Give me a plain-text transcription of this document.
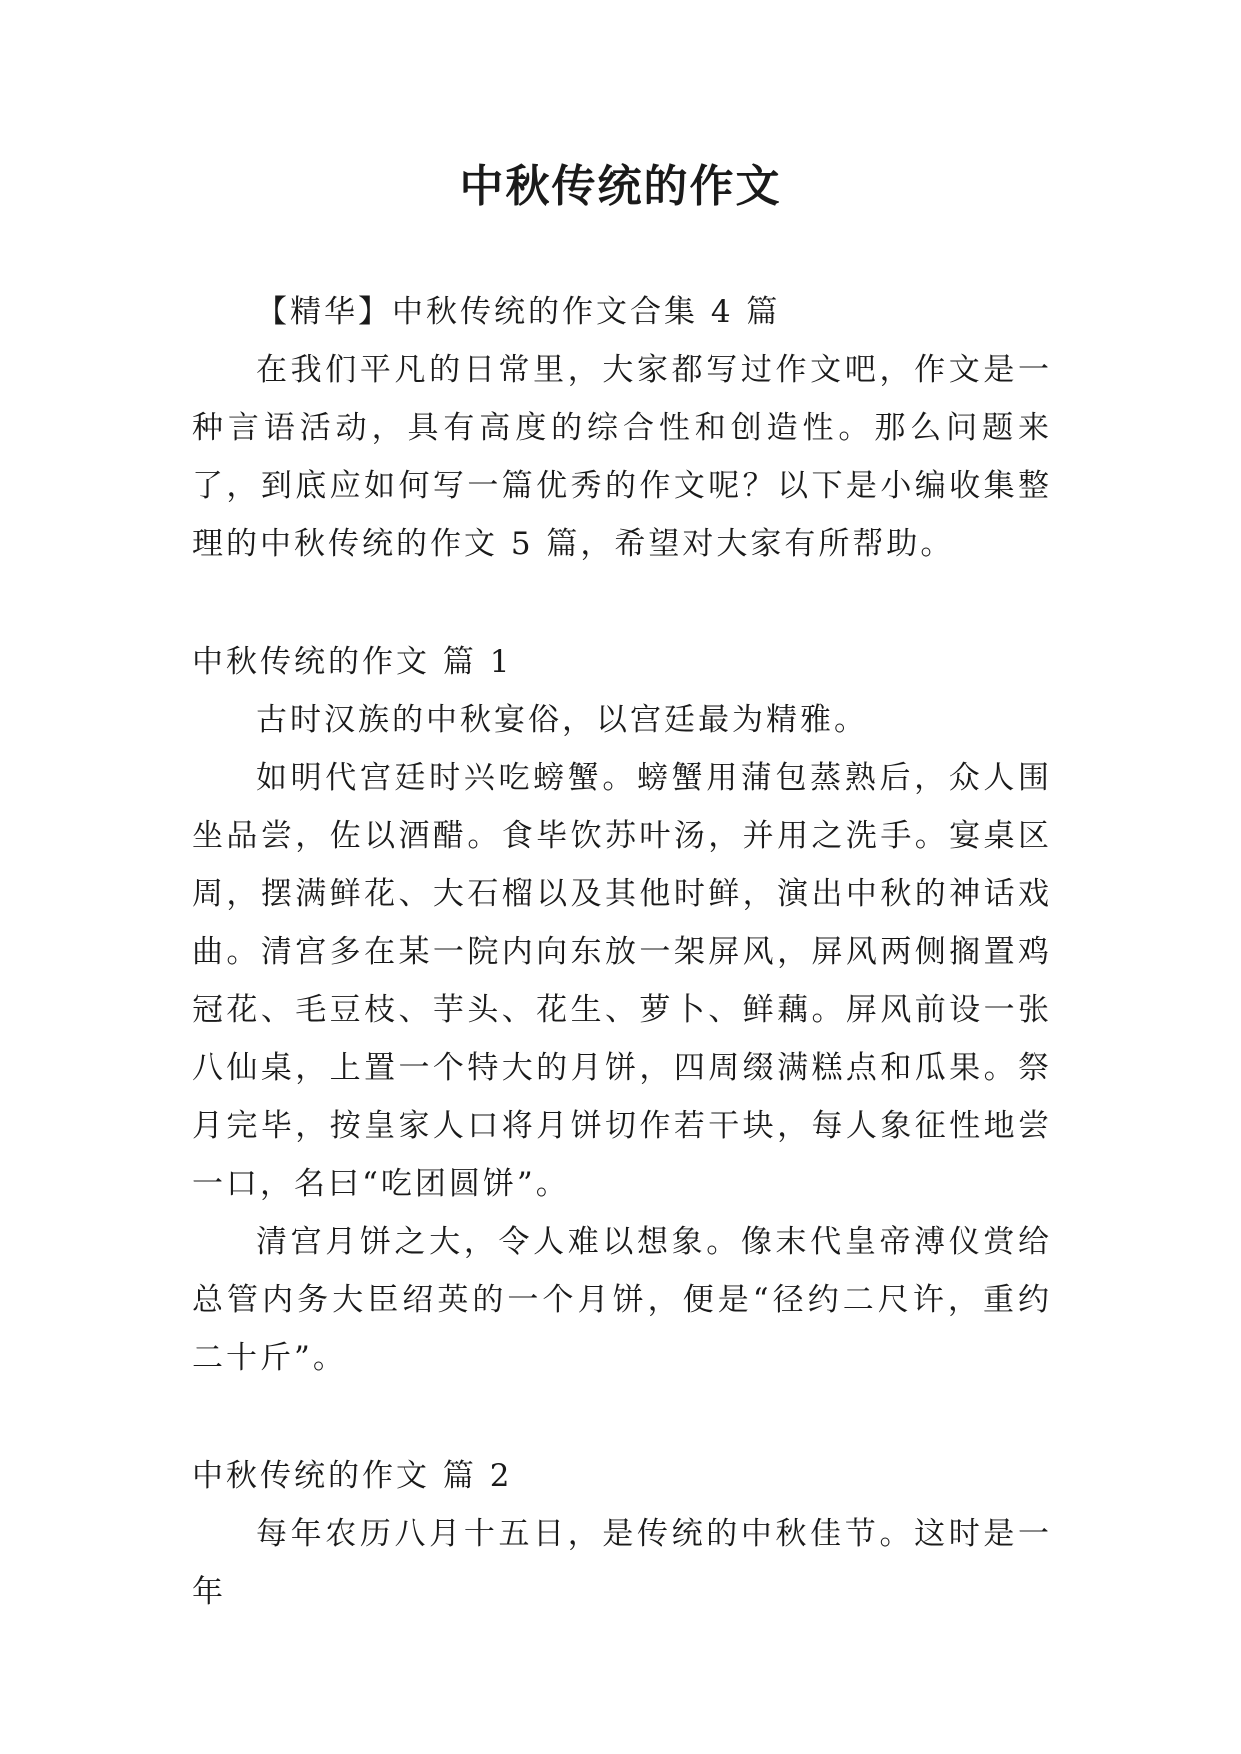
中秋传统的作文

【精华】中秋传统的作文合集 4 篇

在我们平凡的日常里，大家都写过作文吧，作文是一种言语活动，具有高度的综合性和创造性。那么问题来了，到底应如何写一篇优秀的作文呢？以下是小编收集整理的中秋传统的作文 5 篇，希望对大家有所帮助。

中秋传统的作文 篇 1

古时汉族的中秋宴俗，以宫廷最为精雅。

如明代宫廷时兴吃螃蟹。螃蟹用蒲包蒸熟后，众人围坐品尝，佐以酒醋。食毕饮苏叶汤，并用之洗手。宴桌区周，摆满鲜花、大石榴以及其他时鲜，演出中秋的神话戏曲。清宫多在某一院内向东放一架屏风，屏风两侧搁置鸡冠花、毛豆枝、芋头、花生、萝卜、鲜藕。屏风前设一张八仙桌，上置一个特大的月饼，四周缀满糕点和瓜果。祭月完毕，按皇家人口将月饼切作若干块，每人象征性地尝一口，名曰“吃团圆饼”。

清宫月饼之大，令人难以想象。像末代皇帝溥仪赏给总管内务大臣绍英的一个月饼，便是“径约二尺许，重约二十斤”。

中秋传统的作文 篇 2

每年农历八月十五日，是传统的中秋佳节。这时是一年
